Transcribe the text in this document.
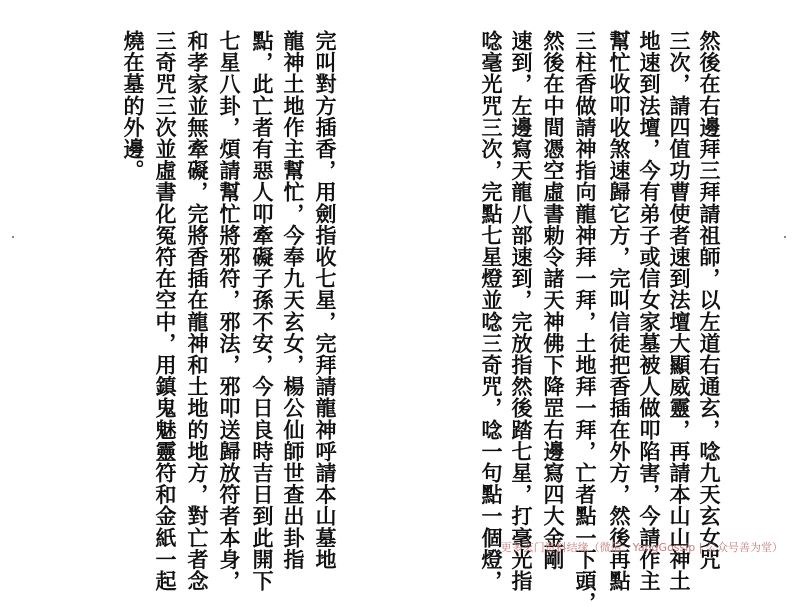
然後在右邊拜三拜請祖師，以左道右通玄，唸九天玄女咒
三次，請四值功曹使者速到法壇大顯威靈，再請本山山神土
地速到法壇，今有弟子或信女家墓被人做叩陷害，今請作主
幫忙收叩收煞速歸它方，完叫信徒把香插在外方，然後再點
三柱香做請神指向龍神拜一拜，土地拜一拜，亡者點一下頭，
然後在中間憑空虛書勅令諸天神佛下降罡右邊寫四大金剛
速到，左邊寫天龍八部速到，完放指然後踏七星，打毫光指
唸毫光咒三次，完點七星燈並唸三奇咒，唸一句點一個燈，
完叫對方插香，用劍指收七星，完拜請龍神呼請本山墓地
龍神土地作主幫忙，今奉九天玄女，楊公仙師世查出卦指
點，此亡者有惡人叩牽礙子孫不安，今日良時吉日到此開下
七星八卦，煩請幫忙將邪符，邪法，邪叩送歸放符者本身，
和孝家並無牽礙，完將香插在龍神和土地的地方，對亡者念
三奇咒三次並虛書化冤符在空中，用鎮鬼魅靈符和金紙一起
燒在墓的外邊。
更多玄门资料结缘（微信：YangGossip | 公众号善为堂）
